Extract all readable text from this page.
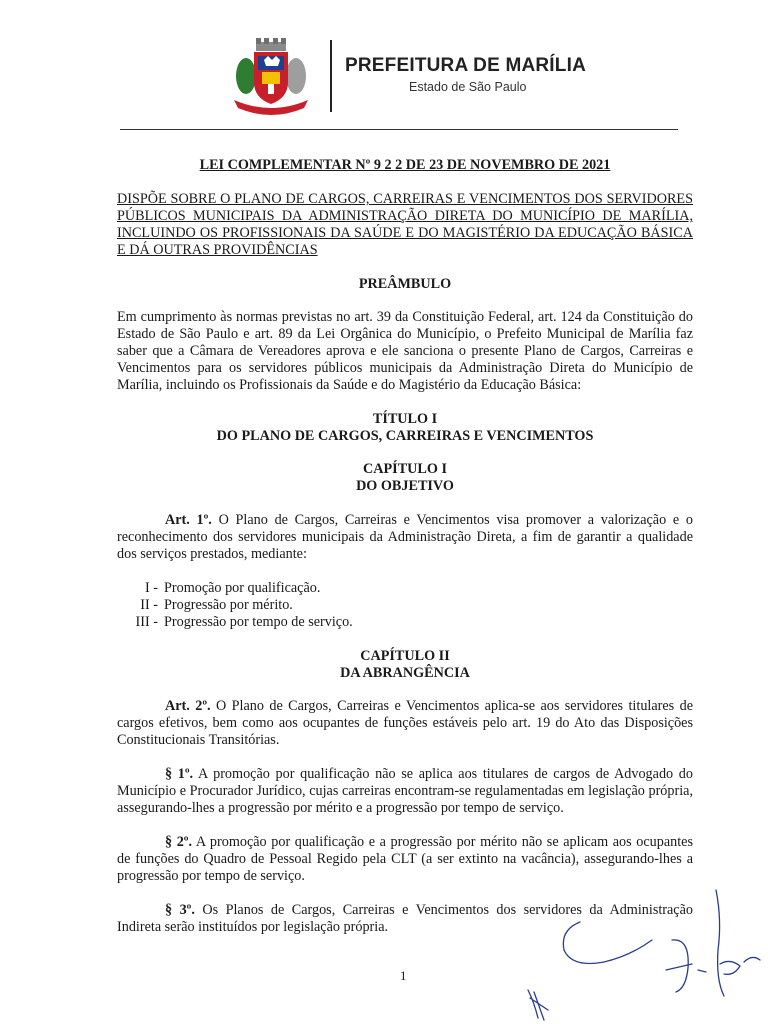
PREFEITURA DE MARÍLIA
Estado de São Paulo
LEI COMPLEMENTAR Nº 9 2 2 DE 23 DE NOVEMBRO DE 2021

DISPÕE SOBRE O PLANO DE CARGOS, CARREIRAS E VENCIMENTOS DOS SERVIDORES PÚBLICOS MUNICIPAIS DA ADMINISTRAÇÃO DIRETA DO MUNICÍPIO DE MARÍLIA, INCLUINDO OS PROFISSIONAIS DA SAÚDE E DO MAGISTÉRIO DA EDUCAÇÃO BÁSICA E DÁ OUTRAS PROVIDÊNCIAS

PREÂMBULO

Em cumprimento às normas previstas no art. 39 da Constituição Federal, art. 124 da Constituição do Estado de São Paulo e art. 89 da Lei Orgânica do Município, o Prefeito Municipal de Marília faz saber que a Câmara de Vereadores aprova e ele sanciona o presente Plano de Cargos, Carreiras e Vencimentos para os servidores públicos municipais da Administração Direta do Município de Marília, incluindo os Profissionais da Saúde e do Magistério da Educação Básica:

TÍTULO I
DO PLANO DE CARGOS, CARREIRAS E VENCIMENTOS
CAPÍTULO I
DO OBJETIVO

Art. 1º. O Plano de Cargos, Carreiras e Vencimentos visa promover a valorização e o reconhecimento dos servidores municipais da Administração Direta, a fim de garantir a qualidade dos serviços prestados, mediante:

I - Promoção por qualificação.
II - Progressão por mérito.
III - Progressão por tempo de serviço.
CAPÍTULO II
DA ABRANGÊNCIA

Art. 2º. O Plano de Cargos, Carreiras e Vencimentos aplica-se aos servidores titulares de cargos efetivos, bem como aos ocupantes de funções estáveis pelo art. 19 do Ato das Disposições Constitucionais Transitórias.

§ 1º. A promoção por qualificação não se aplica aos titulares de cargos de Advogado do Município e Procurador Jurídico, cujas carreiras encontram-se regulamentadas em legislação própria, assegurando-lhes a progressão por mérito e a progressão por tempo de serviço.

§ 2º. A promoção por qualificação e a progressão por mérito não se aplicam aos ocupantes de funções do Quadro de Pessoal Regido pela CLT (a ser extinto na vacância), assegurando-lhes a progressão por tempo de serviço.

§ 3º. Os Planos de Cargos, Carreiras e Vencimentos dos servidores da Administração Indireta serão instituídos por legislação própria.

1
